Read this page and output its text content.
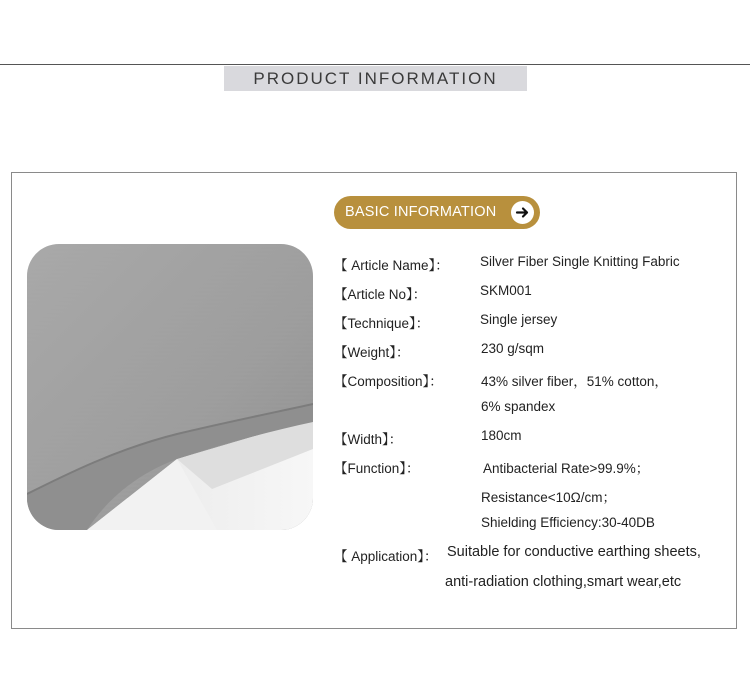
PRODUCT INFORMATION
BASIC INFORMATION
【 Article Name】： Silver Fiber Single Knitting Fabric
【Article No】：	SKM001
【Technique】：	Single jersey
【Weight】：	230 g/sqm
【Composition】：	43% silver fiber，51% cotton，
6% spandex
【Width】：	180cm
【Function】：	Antibacterial Rate>99.9%；
Resistance<10Ω/cm；
Shielding Efficiency:30-40DB
【 Application】： Suitable for conductive earthing sheets,
anti-radiation clothing,smart wear,etc
